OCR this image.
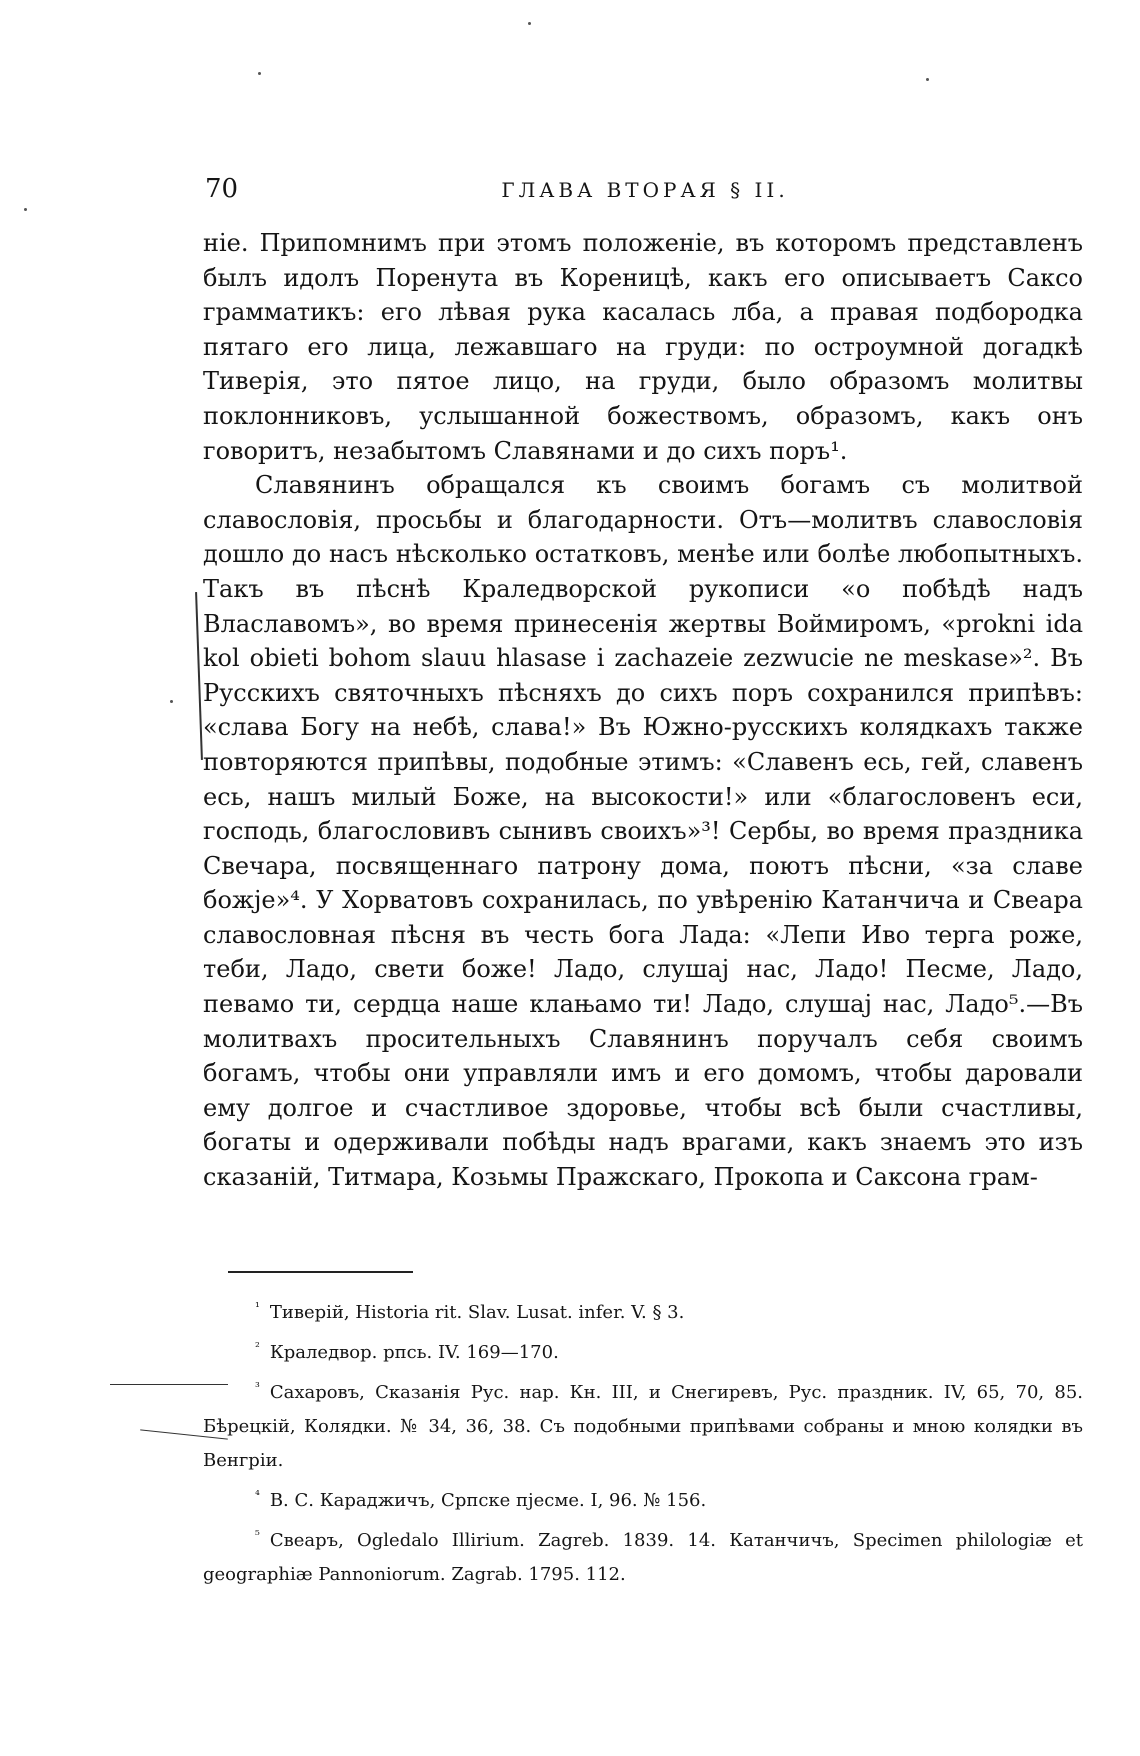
70	ГЛАВА ВТОРАЯ § II.

ніе. Припомнимъ при этомъ положеніе, въ которомъ представленъ былъ идолъ Поренута въ Кореницѣ, какъ его описываетъ Саксо грамматикъ: его лѣвая рука касалась лба, а правая подбородка пятаго его лица, лежавшаго на груди: по остроумной догадкѣ Тиверія, это пятое лицо, на груди, было образомъ молитвы поклонниковъ, услышанной божествомъ, образомъ, какъ онъ говоритъ, незабытомъ Славянами и до сихъ поръ¹.

Славянинъ обращался къ своимъ богамъ съ молитвой славословія, просьбы и благодарности. Отъ—молитвъ славословія дошло до насъ нѣсколько остатковъ, менѣе или болѣе любопытныхъ. Такъ въ пѣснѣ Краледворской рукописи «о побѣдѣ надъ Влаславомъ», во время принесенія жертвы Воймиромъ, «prokni ida kol obieti bohom slauu hlasase i zachazeie zezwucie ne meskase»². Въ Русскихъ святочныхъ пѣсняхъ до сихъ поръ сохранился припѣвъ: «слава Богу на небѣ, слава!» Въ Южно-русскихъ колядкахъ также повторяются припѣвы, подобные этимъ: «Славенъ есь, гей, славенъ есь, нашъ милый Боже, на высокости!» или «благословенъ еси, господь, благословивъ сынивъ своихъ»³! Сербы, во время праздника Свечара, посвященнаго патрону дома, поютъ пѣсни, «за славе божје»⁴. У Хорватовъ сохранилась, по увѣренію Катанчича и Свеара славословная пѣсня въ честь бога Лада: «Лепи Иво терга роже, теби, Ладо, свети боже! Ладо, слушај нас, Ладо! Песме, Ладо, певамо ти, сердца наше клањамо ти! Ладо, слушај нас, Ладо⁵.—Въ молитвахъ просительныхъ Славянинъ поручалъ себя своимъ богамъ, чтобы они управляли имъ и его домомъ, чтобы даровали ему долгое и счастливое здоровье, чтобы всѣ были счастливы, богаты и одерживали побѣды надъ врагами, какъ знаемъ это изъ сказаній, Титмара, Козьмы Пражскаго, Прокопа и Саксона грам-

$^{^1}$ Тиверій, Historia rit. Slav. Lusat. infer. V. § 3.

$^{^2}$ Краледвор. рпсь. IV. 169—170.

$^{^3}$ Сахаровъ, Сказанія Рус. нар. Кн. III, и Снегиревъ, Рус. праздник. IV, 65, 70, 85. Бѣрецкій, Колядки. № 34, 36, 38. Съ подобными припѣвами собраны и мною колядки въ Венгріи.

$^{^4}$ В. С. Караджичъ, Српске пјесме. I, 96. № 156.

$^{^5}$ Свеаръ, Ogledalo Illirium. Zagreb. 1839. 14. Катанчичъ, Specimen philologiæ et geographiæ Pannoniorum. Zagrab. 1795. 112.
